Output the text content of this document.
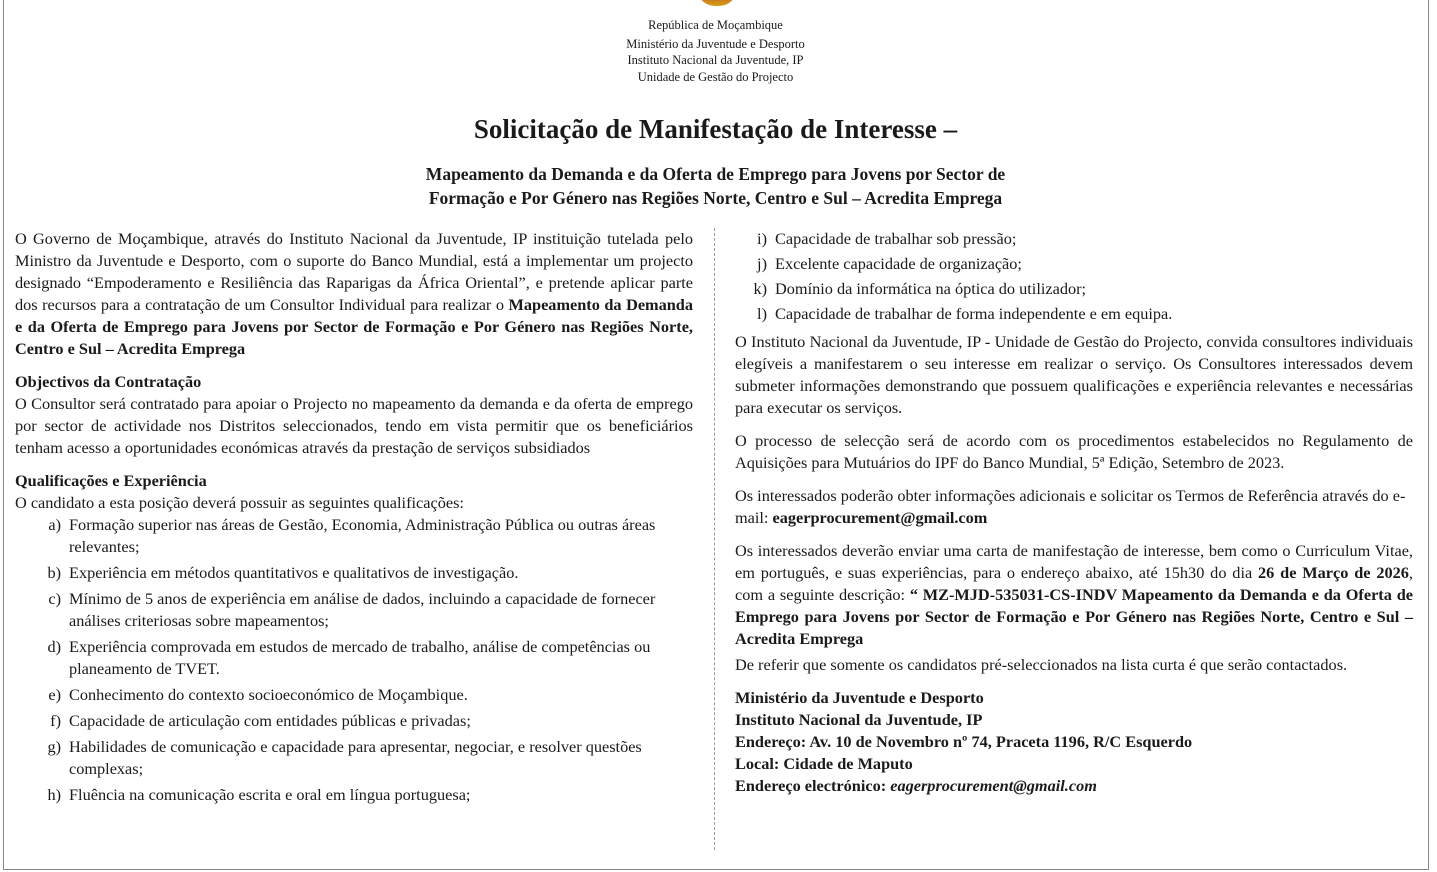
República de Moçambique
Ministério da Juventude e Desporto
Instituto Nacional da Juventude, IP
Unidade de Gestão do Projecto
Solicitação de Manifestação de Interesse –
Mapeamento da Demanda e da Oferta de Emprego para Jovens por Sector de
Formação e Por Género nas Regiões Norte, Centro e Sul – Acredita Emprega

O Governo de Moçambique, através do Instituto Nacional da Juventude, IP instituição tutelada pelo Ministro da Juventude e Desporto, com o suporte do Banco Mundial, está a implementar um projecto designado “Empoderamento e Resiliência das Raparigas da África Oriental”, e pretende aplicar parte dos recursos para a contratação de um Consultor Individual para realizar o Mapeamento da Demanda e da Oferta de Emprego para Jovens por Sector de Formação e Por Género nas Regiões Norte, Centro e Sul – Acredita Emprega

Objectivos da Contratação

O Consultor será contratado para apoiar o Projecto no mapeamento da demanda e da oferta de emprego por sector de actividade nos Distritos seleccionados, tendo em vista permitir que os beneficiários tenham acesso a oportunidades económicas através da prestação de serviços subsidiados

Qualificações e Experiência
O candidato a esta posição deverá possuir as seguintes qualificações:
a) Formação superior nas áreas de Gestão, Economia, Administração Pública ou outras áreas relevantes;
b) Experiência em métodos quantitativos e qualitativos de investigação.
c) Mínimo de 5 anos de experiência em análise de dados, incluindo a capacidade de fornecer análises criteriosas sobre mapeamentos;
d) Experiência comprovada em estudos de mercado de trabalho, análise de competências ou planeamento de TVET.
e) Conhecimento do contexto socioeconómico de Moçambique.
f) Capacidade de articulação com entidades públicas e privadas;
g) Habilidades de comunicação e capacidade para apresentar, negociar, e resolver questões complexas;
h) Fluência na comunicação escrita e oral em língua portuguesa;
i) Capacidade de trabalhar sob pressão;
j) Excelente capacidade de organização;
k) Domínio da informática na óptica do utilizador;
l) Capacidade de trabalhar de forma independente e em equipa.

O Instituto Nacional da Juventude, IP - Unidade de Gestão do Projecto, convida consultores individuais elegíveis a manifestarem o seu interesse em realizar o serviço. Os Consultores interessados devem submeter informações demonstrando que possuem qualificações e experiência relevantes e necessárias para executar os serviços.

O processo de selecção será de acordo com os procedimentos estabelecidos no Regulamento de Aquisições para Mutuários do IPF do Banco Mundial, 5ª Edição, Setembro de 2023.

Os interessados poderão obter informações adicionais e solicitar os Termos de Referência através do e-mail: eagerprocurement@gmail.com

Os interessados deverão enviar uma carta de manifestação de interesse, bem como o Curriculum Vitae, em português, e suas experiências, para o endereço abaixo, até 15h30 do dia 26 de Março de 2026, com a seguinte descrição: “ MZ-MJD-535031-CS-INDV Mapeamento da Demanda e da Oferta de Emprego para Jovens por Sector de Formação e Por Género nas Regiões Norte, Centro e Sul – Acredita Emprega

De referir que somente os candidatos pré-seleccionados na lista curta é que serão contactados.

Ministério da Juventude e Desporto
Instituto Nacional da Juventude, IP
Endereço: Av. 10 de Novembro nº 74, Praceta 1196, R/C Esquerdo
Local: Cidade de Maputo
Endereço electrónico: eagerprocurement@gmail.com
